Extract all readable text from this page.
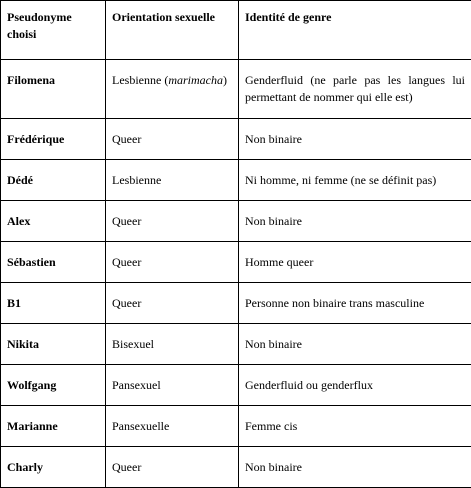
Pseudonyme choisi	Orientation sexuelle	Identité de genre
Filomena	Lesbienne (marimacha)	Genderfluid (ne parle pas les langues lui permettant de nommer qui elle est)
Frédérique	Queer	Non binaire
Dédé	Lesbienne	Ni homme, ni femme (ne se définit pas)
Alex	Queer	Non binaire
Sébastien	Queer	Homme queer
B1	Queer	Personne non binaire trans masculine
Nikita	Bisexuel	Non binaire
Wolfgang	Pansexuel	Genderfluid ou genderflux
Marianne	Pansexuelle	Femme cis
Charly	Queer	Non binaire
